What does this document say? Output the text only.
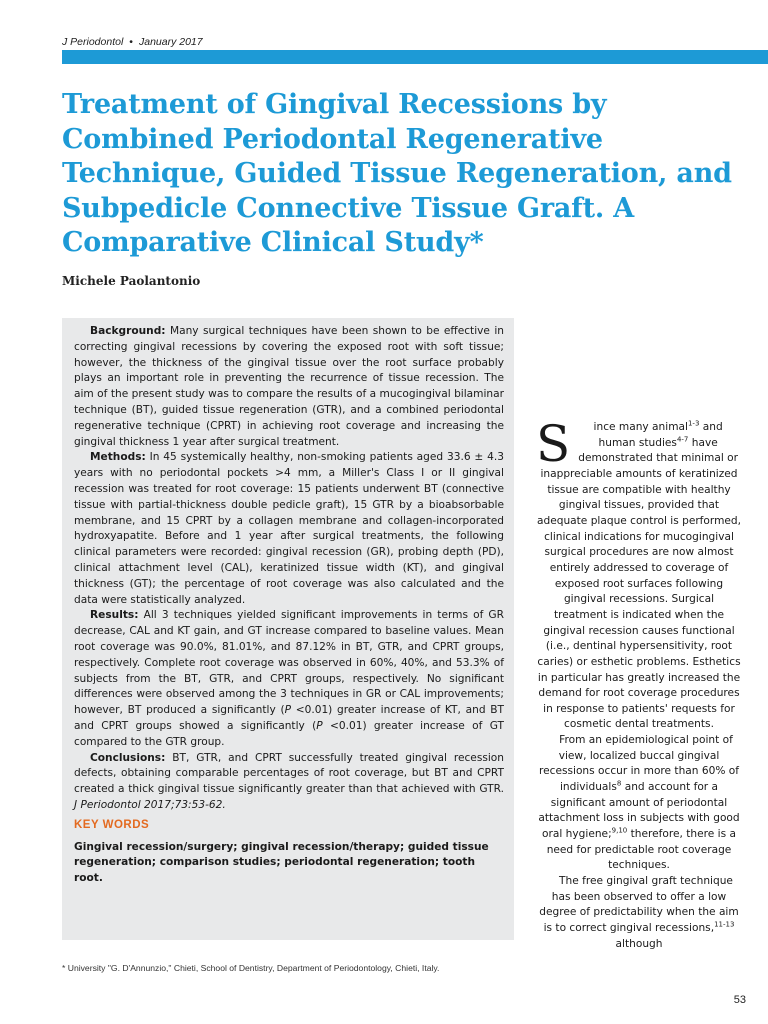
J Periodontol • January 2017
Treatment of Gingival Recessions by Combined Periodontal Regenerative Technique, Guided Tissue Regeneration, and Subpedicle Connective Tissue Graft. A Comparative Clinical Study*
Michele Paolantonio

Background: Many surgical techniques have been shown to be effective in correcting gingival recessions by covering the exposed root with soft tissue; however, the thickness of the gingival tissue over the root surface probably plays an important role in preventing the recurrence of tissue recession. The aim of the present study was to compare the results of a mucogingival bilaminar technique (BT), guided tissue regeneration (GTR), and a combined periodontal regenerative technique (CPRT) in achieving root coverage and increasing the gingival thickness 1 year after surgical treatment.

Methods: In 45 systemically healthy, non-smoking patients aged 33.6 ± 4.3 years with no periodontal pockets >4 mm, a Miller's Class I or II gingival recession was treated for root coverage: 15 patients underwent BT (connective tissue with partial-thickness double pedicle graft), 15 GTR by a bioabsorbable membrane, and 15 CPRT by a collagen membrane and collagen-incorporated hydroxyapatite. Before and 1 year after surgical treatments, the following clinical parameters were recorded: gingival recession (GR), probing depth (PD), clinical attachment level (CAL), keratinized tissue width (KT), and gingival thickness (GT); the percentage of root coverage was also calculated and the data were statistically analyzed.

Results: All 3 techniques yielded significant improvements in terms of GR decrease, CAL and KT gain, and GT increase compared to baseline values. Mean root coverage was 90.0%, 81.01%, and 87.12% in BT, GTR, and CPRT groups, respectively. Complete root coverage was observed in 60%, 40%, and 53.3% of subjects from the BT, GTR, and CPRT groups, respectively. No significant differences were observed among the 3 techniques in GR or CAL improvements; however, BT produced a significantly (P <0.01) greater increase of KT, and BT and CPRT groups showed a significantly (P <0.01) greater increase of GT compared to the GTR group.

Conclusions: BT, GTR, and CPRT successfully treated gingival recession defects, obtaining comparable percentages of root coverage, but BT and CPRT created a thick gingival tissue significantly greater than that achieved with GTR. J Periodontol 2017;73:53-62.

KEY WORDS
Gingival recession/surgery; gingival recession/therapy; guided tissue regeneration; comparison studies; periodontal regeneration; tooth root.
* University "G. D'Annunzio," Chieti, School of Dentistry, Department of Periodontology, Chieti, Italy.

S ince many animal$^{1-3}$ and human studies$^{4-7}$ have demonstrated that minimal or inappreciable amounts of keratinized tissue are compatible with healthy gingival tissues, provided that adequate plaque control is performed, clinical indications for mucogingival surgical procedures are now almost entirely addressed to coverage of exposed root surfaces following gingival recessions. Surgical treatment is indicated when the gingival recession causes functional (i.e., dentinal hypersensitivity, root caries) or esthetic problems. Esthetics in particular has greatly increased the demand for root coverage procedures in response to patients' requests for cosmetic dental treatments.

From an epidemiological point of view, localized buccal gingival recessions occur in more than 60% of individuals$^8$ and account for a significant amount of periodontal attachment loss in subjects with good oral hygiene;$^{9,10}$ therefore, there is a need for predictable root coverage techniques.

The free gingival graft technique has been observed to offer a low degree of predictability when the aim is to correct gingival recessions,$^{11-13}$ although

53
